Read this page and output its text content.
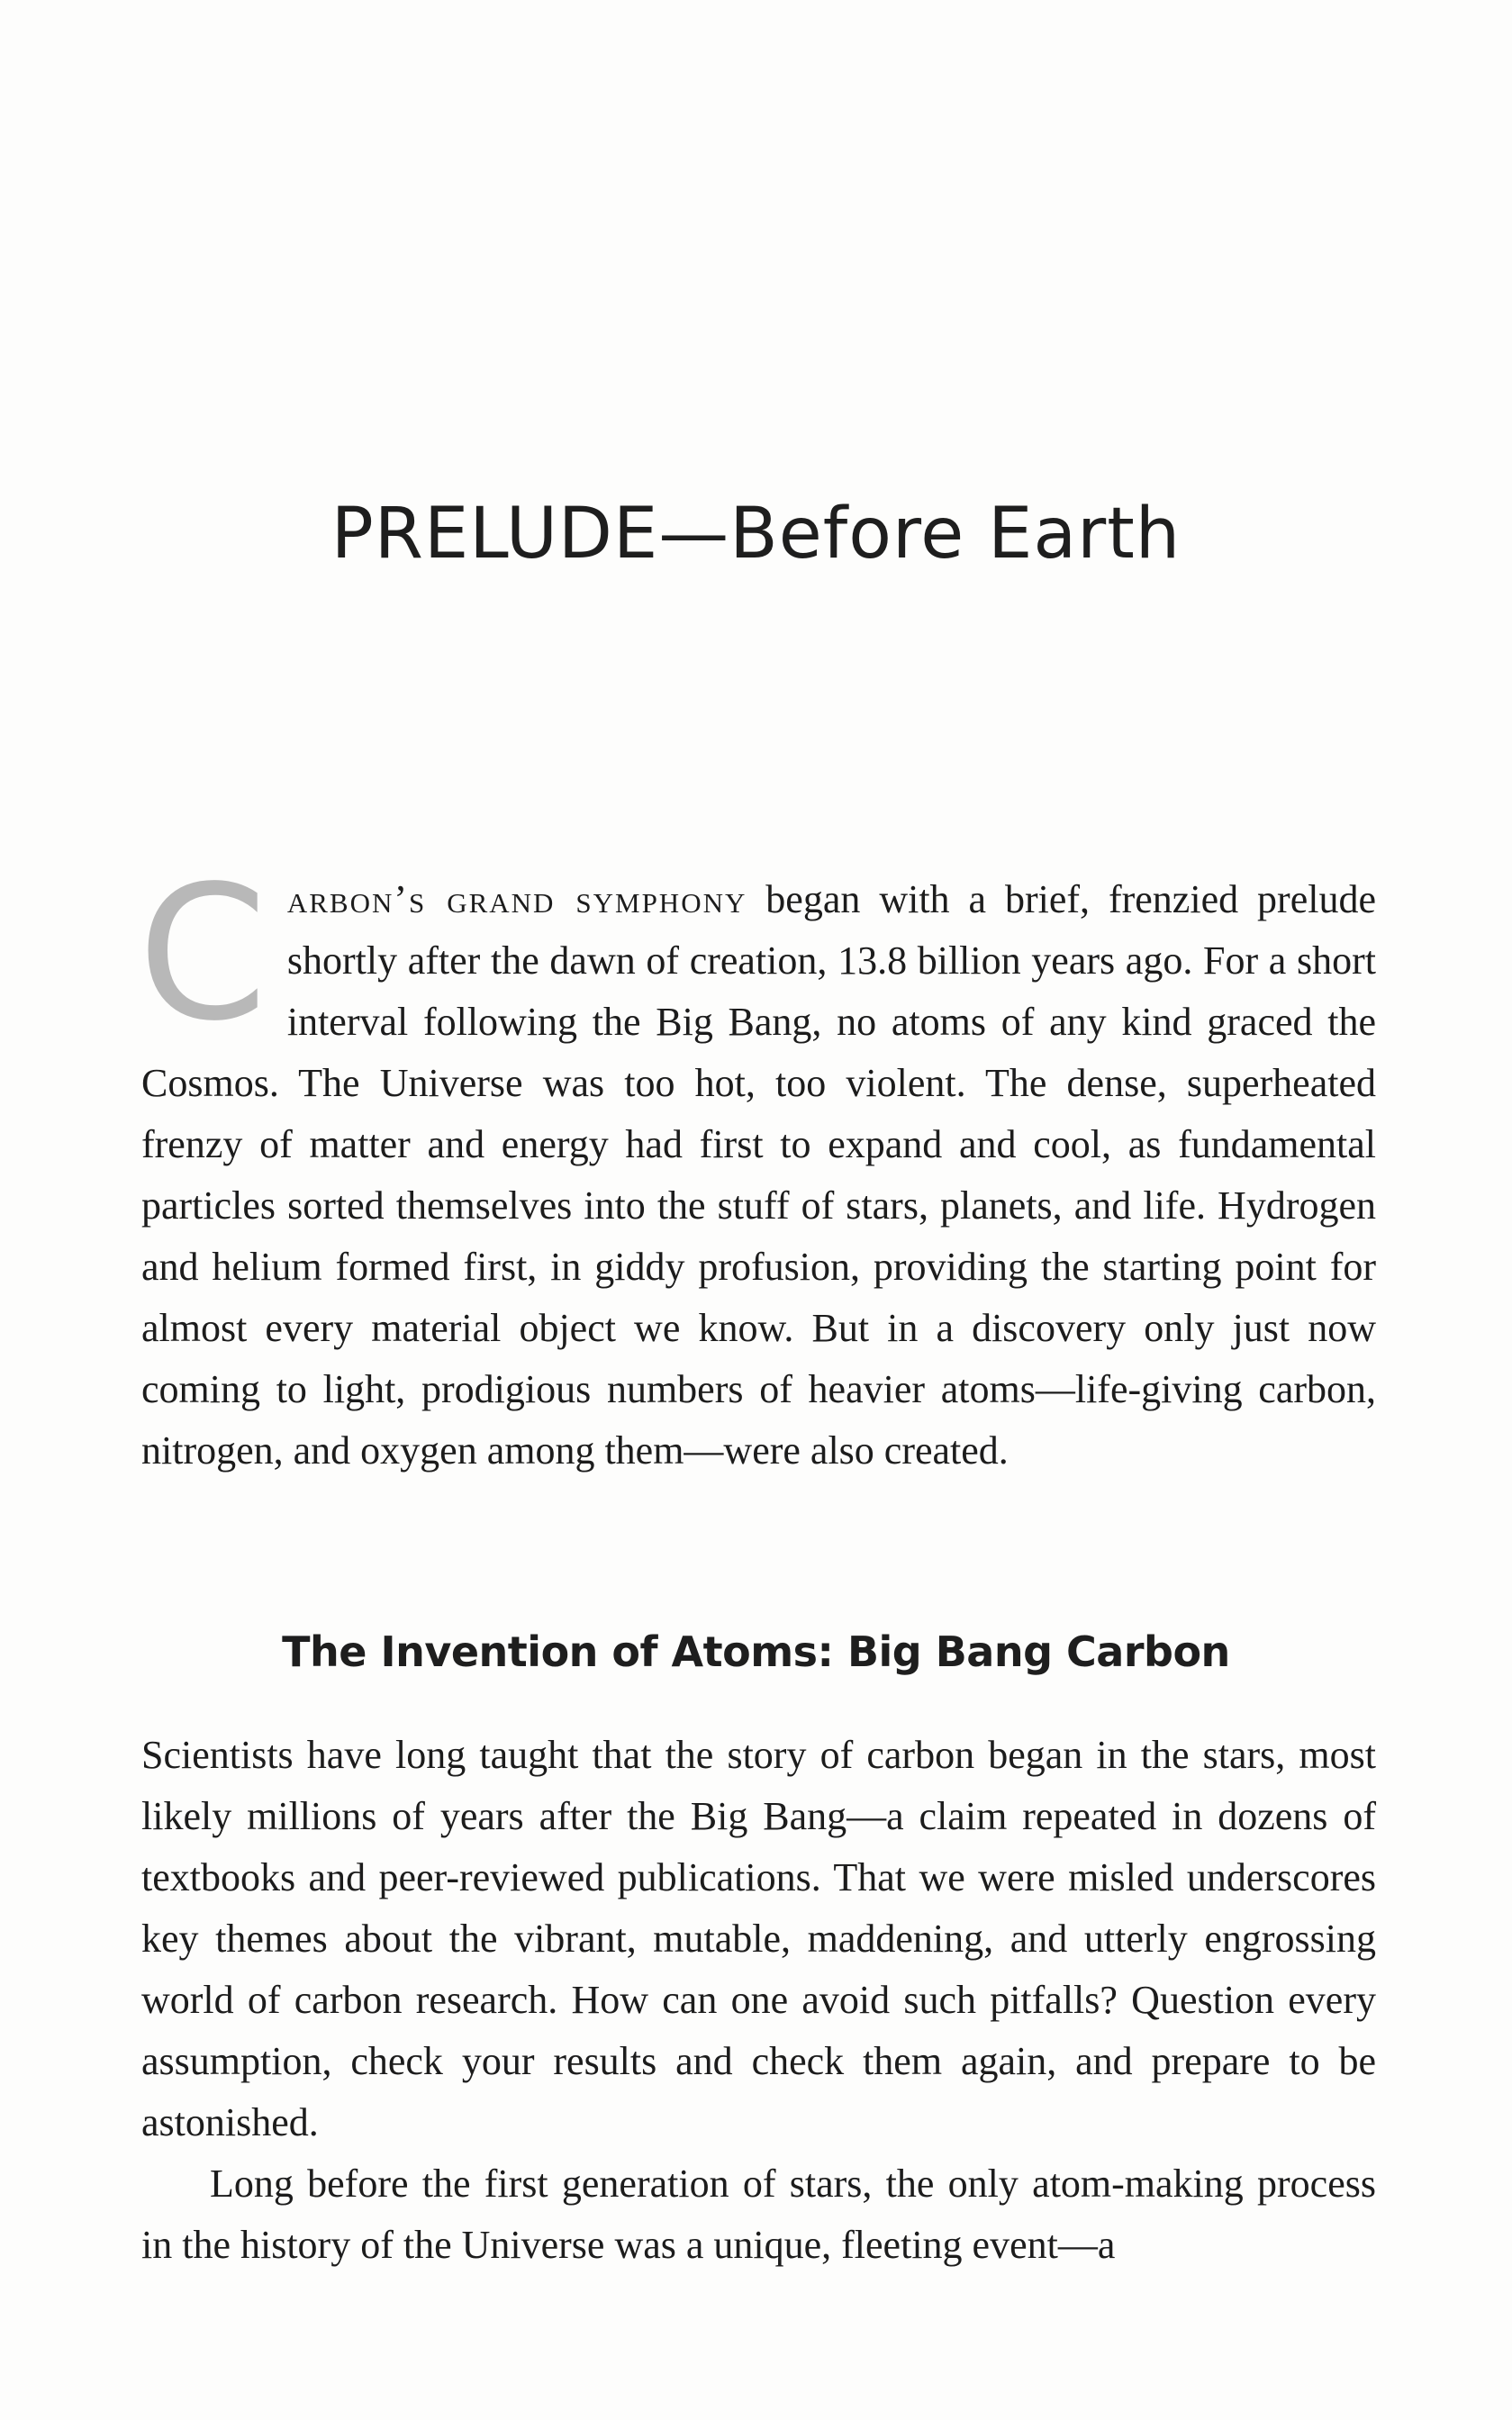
PRELUDE—Before Earth
Carbon’s grand symphony began with a brief, frenzied prelude shortly after the dawn of creation, 13.8 billion years ago. For a short interval following the Big Bang, no atoms of any kind graced the Cosmos. The Universe was too hot, too violent. The dense, superheated frenzy of matter and energy had first to expand and cool, as fundamental particles sorted themselves into the stuff of stars, planets, and life. Hydrogen and helium formed first, in giddy profusion, providing the starting point for almost every material object we know. But in a discovery only just now coming to light, prodigious numbers of heavier atoms—life-giving carbon, nitrogen, and oxygen among them—were also created.
The Invention of Atoms: Big Bang Carbon

Scientists have long taught that the story of carbon began in the stars, most likely millions of years after the Big Bang—a claim repeated in dozens of textbooks and peer-reviewed publications. That we were misled underscores key themes about the vibrant, mutable, maddening, and utterly engrossing world of carbon research. How can one avoid such pitfalls? Question every assumption, check your results and check them again, and prepare to be astonished.

Long before the first generation of stars, the only atom-making process in the history of the Universe was a unique, fleeting event—a
